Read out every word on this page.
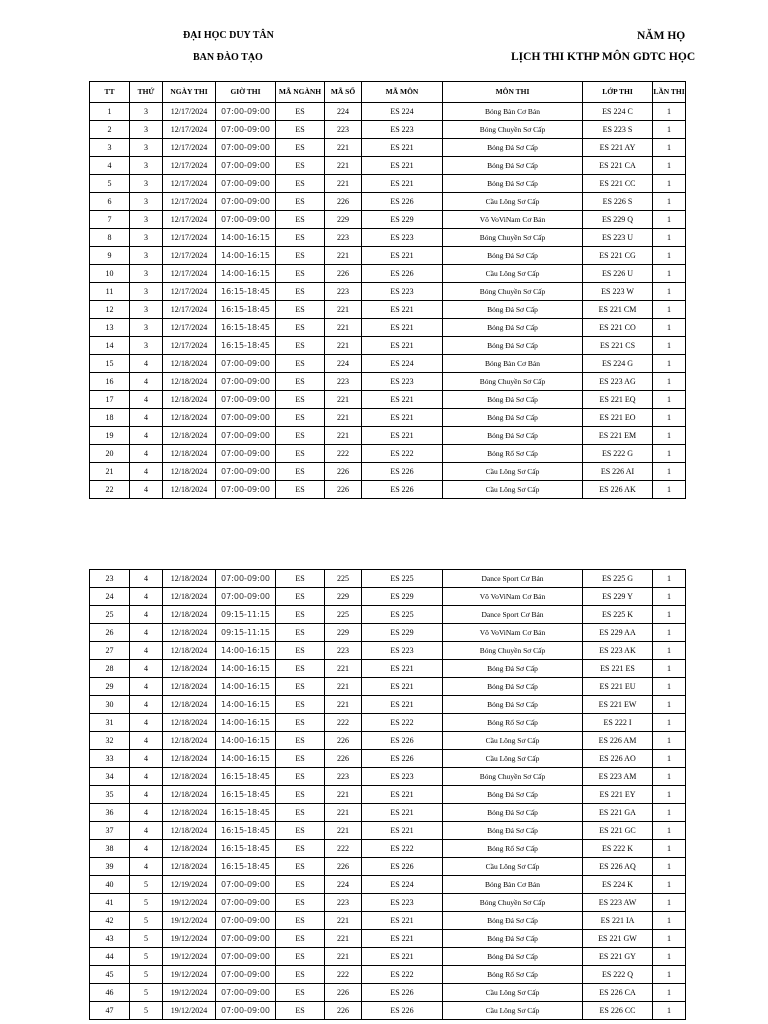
ĐẠI HỌC DUY TÂN
BAN ĐÀO TẠO
NĂM HỌ
LỊCH THI KTHP MÔN GDTC HỌC
TT	THỨ	NGÀY THI	GIỜ THI	MÃ NGÀNH	MÃ SỐ	MÃ MÔN	MÔN THI	LỚP THI	LẦN THI
1	3	12/17/2024	07:00-09:00	ES	224	ES 224	Bóng Bàn Cơ Bản	ES 224 C	1
2	3	12/17/2024	07:00-09:00	ES	223	ES 223	Bóng Chuyền Sơ Cấp	ES 223 S	1
3	3	12/17/2024	07:00-09:00	ES	221	ES 221	Bóng Đá Sơ Cấp	ES 221 AY	1
4	3	12/17/2024	07:00-09:00	ES	221	ES 221	Bóng Đá Sơ Cấp	ES 221 CA	1
5	3	12/17/2024	07:00-09:00	ES	221	ES 221	Bóng Đá Sơ Cấp	ES 221 CC	1
6	3	12/17/2024	07:00-09:00	ES	226	ES 226	Cầu Lông Sơ Cấp	ES 226 S	1
7	3	12/17/2024	07:00-09:00	ES	229	ES 229	Võ VoViNam Cơ Bản	ES 229 Q	1
8	3	12/17/2024	14:00-16:15	ES	223	ES 223	Bóng Chuyền Sơ Cấp	ES 223 U	1
9	3	12/17/2024	14:00-16:15	ES	221	ES 221	Bóng Đá Sơ Cấp	ES 221 CG	1
10	3	12/17/2024	14:00-16:15	ES	226	ES 226	Cầu Lông Sơ Cấp	ES 226 U	1
11	3	12/17/2024	16:15-18:45	ES	223	ES 223	Bóng Chuyền Sơ Cấp	ES 223 W	1
12	3	12/17/2024	16:15-18:45	ES	221	ES 221	Bóng Đá Sơ Cấp	ES 221 CM	1
13	3	12/17/2024	16:15-18:45	ES	221	ES 221	Bóng Đá Sơ Cấp	ES 221 CO	1
14	3	12/17/2024	16:15-18:45	ES	221	ES 221	Bóng Đá Sơ Cấp	ES 221 CS	1
15	4	12/18/2024	07:00-09:00	ES	224	ES 224	Bóng Bàn Cơ Bản	ES 224 G	1
16	4	12/18/2024	07:00-09:00	ES	223	ES 223	Bóng Chuyền Sơ Cấp	ES 223 AG	1
17	4	12/18/2024	07:00-09:00	ES	221	ES 221	Bóng Đá Sơ Cấp	ES 221 EQ	1
18	4	12/18/2024	07:00-09:00	ES	221	ES 221	Bóng Đá Sơ Cấp	ES 221 EO	1
19	4	12/18/2024	07:00-09:00	ES	221	ES 221	Bóng Đá Sơ Cấp	ES 221 EM	1
20	4	12/18/2024	07:00-09:00	ES	222	ES 222	Bóng Rổ Sơ Cấp	ES 222 G	1
21	4	12/18/2024	07:00-09:00	ES	226	ES 226	Cầu Lông Sơ Cấp	ES 226 AI	1
22	4	12/18/2024	07:00-09:00	ES	226	ES 226	Cầu Lông Sơ Cấp	ES 226 AK	1
23	4	12/18/2024	07:00-09:00	ES	225	ES 225	Dance Sport Cơ Bản	ES 225 G	1
24	4	12/18/2024	07:00-09:00	ES	229	ES 229	Võ VoViNam Cơ Bản	ES 229 Y	1
25	4	12/18/2024	09:15-11:15	ES	225	ES 225	Dance Sport Cơ Bản	ES 225 K	1
26	4	12/18/2024	09:15-11:15	ES	229	ES 229	Võ VoViNam Cơ Bản	ES 229 AA	1
27	4	12/18/2024	14:00-16:15	ES	223	ES 223	Bóng Chuyền Sơ Cấp	ES 223 AK	1
28	4	12/18/2024	14:00-16:15	ES	221	ES 221	Bóng Đá Sơ Cấp	ES 221 ES	1
29	4	12/18/2024	14:00-16:15	ES	221	ES 221	Bóng Đá Sơ Cấp	ES 221 EU	1
30	4	12/18/2024	14:00-16:15	ES	221	ES 221	Bóng Đá Sơ Cấp	ES 221 EW	1
31	4	12/18/2024	14:00-16:15	ES	222	ES 222	Bóng Rổ Sơ Cấp	ES 222 I	1
32	4	12/18/2024	14:00-16:15	ES	226	ES 226	Cầu Lông Sơ Cấp	ES 226 AM	1
33	4	12/18/2024	14:00-16:15	ES	226	ES 226	Cầu Lông Sơ Cấp	ES 226 AO	1
34	4	12/18/2024	16:15-18:45	ES	223	ES 223	Bóng Chuyền Sơ Cấp	ES 223 AM	1
35	4	12/18/2024	16:15-18:45	ES	221	ES 221	Bóng Đá Sơ Cấp	ES 221 EY	1
36	4	12/18/2024	16:15-18:45	ES	221	ES 221	Bóng Đá Sơ Cấp	ES 221 GA	1
37	4	12/18/2024	16:15-18:45	ES	221	ES 221	Bóng Đá Sơ Cấp	ES 221 GC	1
38	4	12/18/2024	16:15-18:45	ES	222	ES 222	Bóng Rổ Sơ Cấp	ES 222 K	1
39	4	12/18/2024	16:15-18:45	ES	226	ES 226	Cầu Lông Sơ Cấp	ES 226 AQ	1
40	5	12/19/2024	07:00-09:00	ES	224	ES 224	Bóng Bàn Cơ Bản	ES 224 K	1
41	5	19/12/2024	07:00-09:00	ES	223	ES 223	Bóng Chuyền Sơ Cấp	ES 223 AW	1
42	5	19/12/2024	07:00-09:00	ES	221	ES 221	Bóng Đá Sơ Cấp	ES 221 IA	1
43	5	19/12/2024	07:00-09:00	ES	221	ES 221	Bóng Đá Sơ Cấp	ES 221 GW	1
44	5	19/12/2024	07:00-09:00	ES	221	ES 221	Bóng Đá Sơ Cấp	ES 221 GY	1
45	5	19/12/2024	07:00-09:00	ES	222	ES 222	Bóng Rổ Sơ Cấp	ES 222 Q	1
46	5	19/12/2024	07:00-09:00	ES	226	ES 226	Cầu Lông Sơ Cấp	ES 226 CA	1
47	5	19/12/2024	07:00-09:00	ES	226	ES 226	Cầu Lông Sơ Cấp	ES 226 CC	1
